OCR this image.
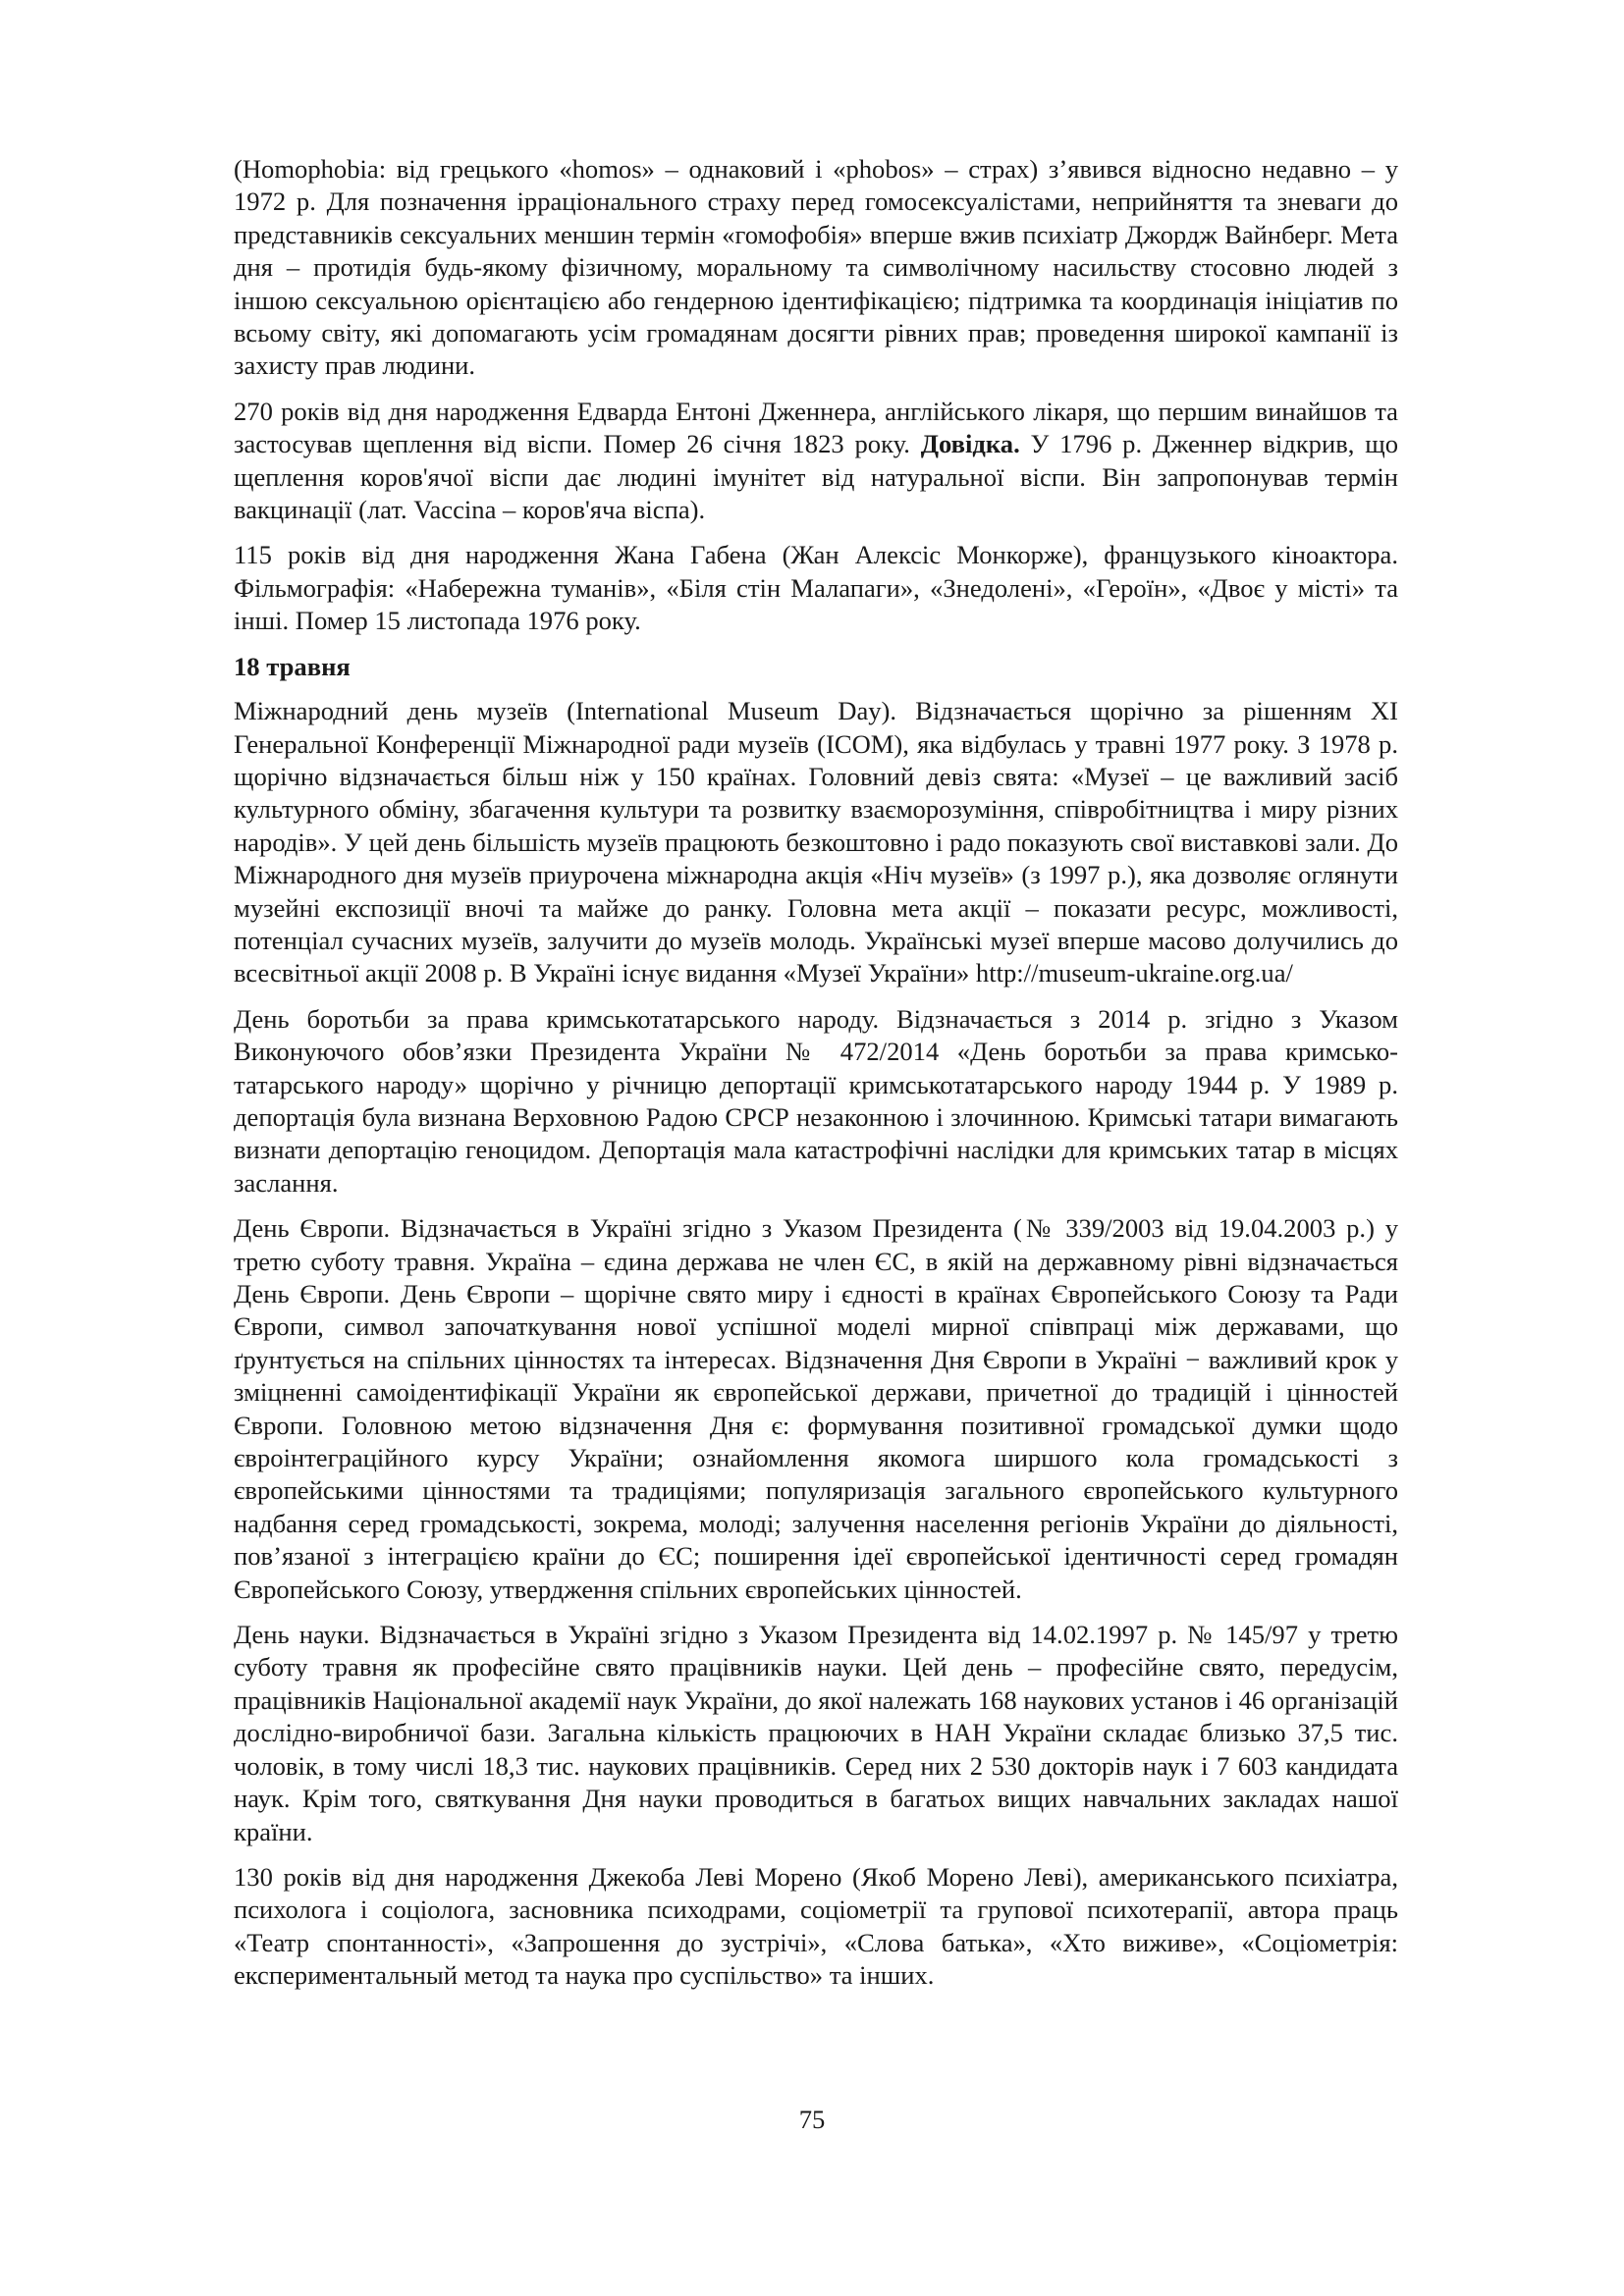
(Homophobia: від грецького «homos» – однаковий і «phobos» – страх) з’явився відносно недавно – у 1972 р. Для позначення ірраціонального страху перед гомосексуалістами, неприйняття та зневаги до представників сексуальних меншин термін «гомофобія» вперше вжив психіатр Джордж Вайнберг. Мета дня – протидія будь-якому фізичному, моральному та символічному насильству стосовно людей з іншою сексуальною орієнтацією або гендерною ідентифікацією; підтримка та координація ініціатив по всьому світу, які допомагають усім громадянам досягти рівних прав; проведення широкої кампанії із захисту прав людини.

270 років від дня народження Едварда Ентоні Дженнера, англійського лікаря, що першим винайшов та застосував щеплення від віспи. Помер 26 січня 1823 року. Довідка. У 1796 р. Дженнер відкрив, що щеплення коров'ячої віспи дає людині імунітет від натуральної віспи. Він запропонував термін вакцинації (лат. Vaccina – коров'яча віспа).

115 років від дня народження Жана Габена (Жан Алексіс Монкорже), французького кіноактора. Фільмографія: «Набережна туманів», «Біля стін Малапаги», «Знедолені», «Героїн», «Двоє у місті» та інші. Помер 15 листопада 1976 року.

18 травня

Міжнародний день музеїв (International Museum Day). Відзначається щорічно за рішенням XI Генеральної Конференції Міжнародної ради музеїв (ICOM), яка відбулась у травні 1977 року. З 1978 р. щорічно відзначається більш ніж у 150 країнах. Головний девіз свята: «Музеї – це важливий засіб культурного обміну, збагачення культури та розвитку взаєморозуміння, співробітництва і миру різних народів». У цей день більшість музеїв працюють безкоштовно і радо показують свої виставкові зали. До Міжнародного дня музеїв приурочена міжнародна акція «Ніч музеїв» (з 1997 р.), яка дозволяє оглянути музейні експозиції вночі та майже до ранку. Головна мета акції – показати ресурс, можливості, потенціал сучасних музеїв, залучити до музеїв молодь. Українські музеї вперше масово долучились до всесвітньої акції 2008 р. В Україні існує видання «Музеї України» http://museum-ukraine.org.ua/

День боротьби за права кримськотатарського народу. Відзначається з 2014 р. згідно з Указом Виконуючого обов’язки Президента України № 472/2014 «День боротьби за права кримсько-татарського народу» щорічно у річницю депортації кримськотатарського народу 1944 р. У 1989 р. депортація була визнана Верховною Радою СРСР незаконною і злочинною. Кримські татари вимагають визнати депортацію геноцидом. Депортація мала катастрофічні наслідки для кримських татар в місцях заслання.

День Європи. Відзначається в Україні згідно з Указом Президента (№ 339/2003 від 19.04.2003 р.) у третю суботу травня. Україна – єдина держава не член ЄС, в якій на державному рівні відзначається День Європи. День Європи – щорічне свято миру і єдності в країнах Європейського Союзу та Ради Європи, символ започаткування нової успішної моделі мирної співпраці між державами, що ґрунтується на спільних цінностях та інтересах. Відзначення Дня Європи в Україні − важливий крок у зміцненні самоідентифікації України як європейської держави, причетної до традицій і цінностей Європи. Головною метою відзначення Дня є: формування позитивної громадської думки щодо євроінтеграційного курсу України; ознайомлення якомога ширшого кола громадськості з європейськими цінностями та традиціями; популяризація загального європейського культурного надбання серед громадськості, зокрема, молоді; залучення населення регіонів України до діяльності, пов’язаної з інтеграцією країни до ЄС; поширення ідеї європейської ідентичності серед громадян Європейського Союзу, утвердження спільних європейських цінностей.

День науки. Відзначається в Україні згідно з Указом Президента від 14.02.1997 р. № 145/97 у третю суботу травня як професійне свято працівників науки. Цей день – професійне свято, передусім, працівників Національної академії наук України, до якої належать 168 наукових установ і 46 організацій дослідно-виробничої бази. Загальна кількість працюючих в НАН України складає близько 37,5 тис. чоловік, в тому числі 18,3 тис. наукових працівників. Серед них 2 530 докторів наук і 7 603 кандидата наук. Крім того, святкування Дня науки проводиться в багатьох вищих навчальних закладах нашої країни.

130 років від дня народження Джекоба Леві Морено (Якоб Морено Леві), американського психіатра, психолога і соціолога, засновника психодрами, соціометрії та групової психотерапії, автора праць «Театр спонтанності», «Запрошення до зустрічі», «Слова батька», «Хто виживе», «Соціометрія: експериментальный метод та наука про суспільство» та інших.

75
